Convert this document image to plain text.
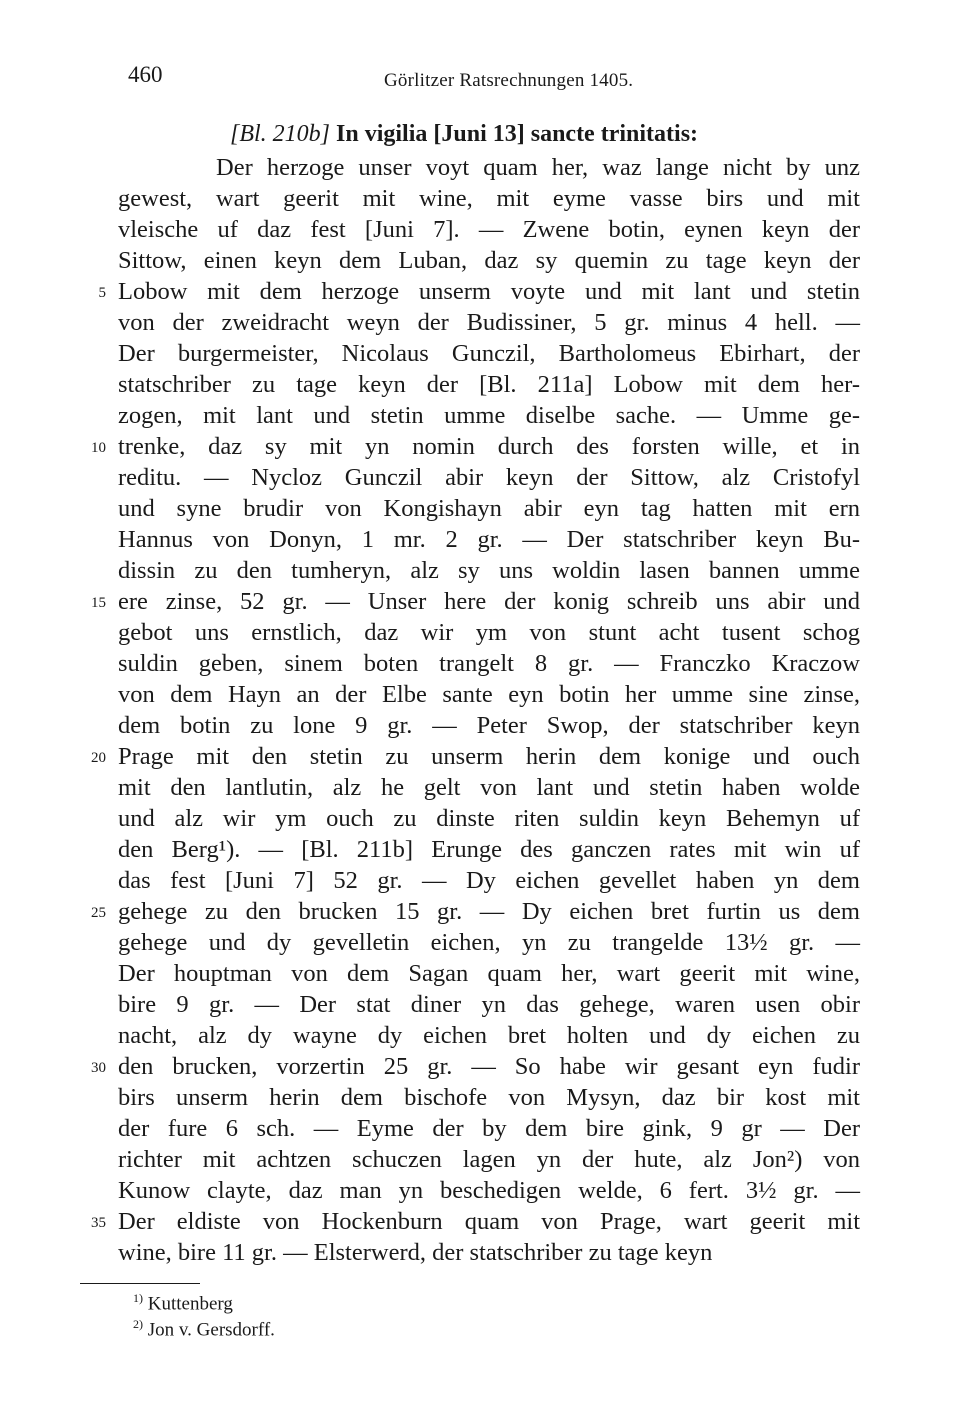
460	Görlitzer Ratsrechnungen 1405.
[Bl. 210b] In vigilia [Juni 13] sancte trinitatis:
Der herzoge unser voyt quam her, waz lange nicht by unz
gewest, wart geerit mit wine, mit eyme vasse birs und mit
vleische uf daz fest [Juni 7]. — Zwene botin, eynen keyn der
Sittow, einen keyn dem Luban, daz sy quemin zu tage keyn der
Lobow mit dem herzoge unserm voyte und mit lant und stetin
von der zweidracht weyn der Budissiner, 5 gr. minus 4 hell. —
Der burgermeister, Nicolaus Gunczil, Bartholomeus Ebirhart, der
statschriber zu tage keyn der [Bl. 211a] Lobow mit dem her-
zogen, mit lant und stetin umme diselbe sache. — Umme ge-
trenke, daz sy mit yn nomin durch des forsten wille, et in
reditu. — Nycloz Gunczil abir keyn der Sittow, alz Cristofyl
und syne brudir von Kongishayn abir eyn tag hatten mit ern
Hannus von Donyn, 1 mr. 2 gr. — Der statschriber keyn Bu-
dissin zu den tumheryn, alz sy uns woldin lasen bannen umme
ere zinse, 52 gr. — Unser here der konig schreib uns abir und
gebot uns ernstlich, daz wir ym von stunt acht tusent schog
suldin geben, sinem boten trangelt 8 gr. — Franczko Kraczow
von dem Hayn an der Elbe sante eyn botin her umme sine zinse,
dem botin zu lone 9 gr. — Peter Swop, der statschriber keyn
Prage mit den stetin zu unserm herin dem konige und ouch
mit den lantlutin, alz he gelt von lant und stetin haben wolde
und alz wir ym ouch zu dinste riten suldin keyn Behemyn uf
den Berg¹). — [Bl. 211b] Erunge des ganczen rates mit win uf
das fest [Juni 7] 52 gr. — Dy eichen gevellet haben yn dem
gehege zu den brucken 15 gr. — Dy eichen bret furtin us dem
gehege und dy gevelletin eichen, yn zu trangelde 13½ gr. —
Der houptman von dem Sagan quam her, wart geerit mit wine,
bire 9 gr. — Der stat diner yn das gehege, waren usen obir
nacht, alz dy wayne dy eichen bret holten und dy eichen zu
den brucken, vorzertin 25 gr. — So habe wir gesant eyn fudir
birs unserm herin dem bischofe von Mysyn, daz bir kost mit
der fure 6 sch. — Eyme der by dem bire gink, 9 gr — Der
richter mit achtzen schuczen lagen yn der hute, alz Jon²) von
Kunow clayte, daz man yn beschedigen welde, 6 fert. 3½ gr. —
Der eldiste von Hockenburn quam von Prage, wart geerit mit
wine, bire 11 gr. — Elsterwerd, der statschriber zu tage keyn
5
10
15
20
25
30
35
$^{1)}$ Kuttenberg
$^{2)}$ Jon v. Gersdorff.
